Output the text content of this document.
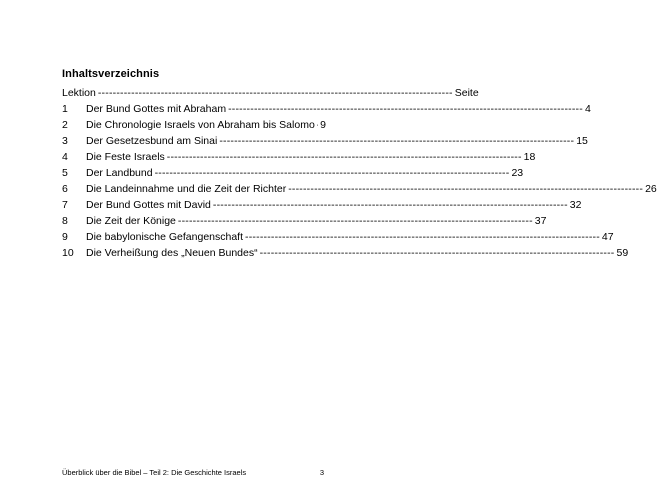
Inhaltsverzeichnis
Lektion ------------------------------------------------------------------------------------------------ Seite
1	Der Bund Gottes mit Abraham ------------------------------------------------------------------------------------------------ 4
2	Die Chronologie Israels von Abraham bis Salomo 9
3	Der Gesetzesbund am Sinai ------------------------------------------------------------------------------------------------ 15
4	Die Feste Israels ------------------------------------------------------------------------------------------------ 18
5	Der Landbund ------------------------------------------------------------------------------------------------ 23
6	Die Landeinnahme und die Zeit der Richter ------------------------------------------------------------------------------------------------ 26
7	Der Bund Gottes mit David ------------------------------------------------------------------------------------------------ 32
8	Die Zeit der Könige ------------------------------------------------------------------------------------------------ 37
9	Die babylonische Gefangenschaft ------------------------------------------------------------------------------------------------ 47
10	Die Verheißung des „Neuen Bundes“ ------------------------------------------------------------------------------------------------ 59
Überblick über die Bibel – Teil 2: Die Geschichte Israels	3
